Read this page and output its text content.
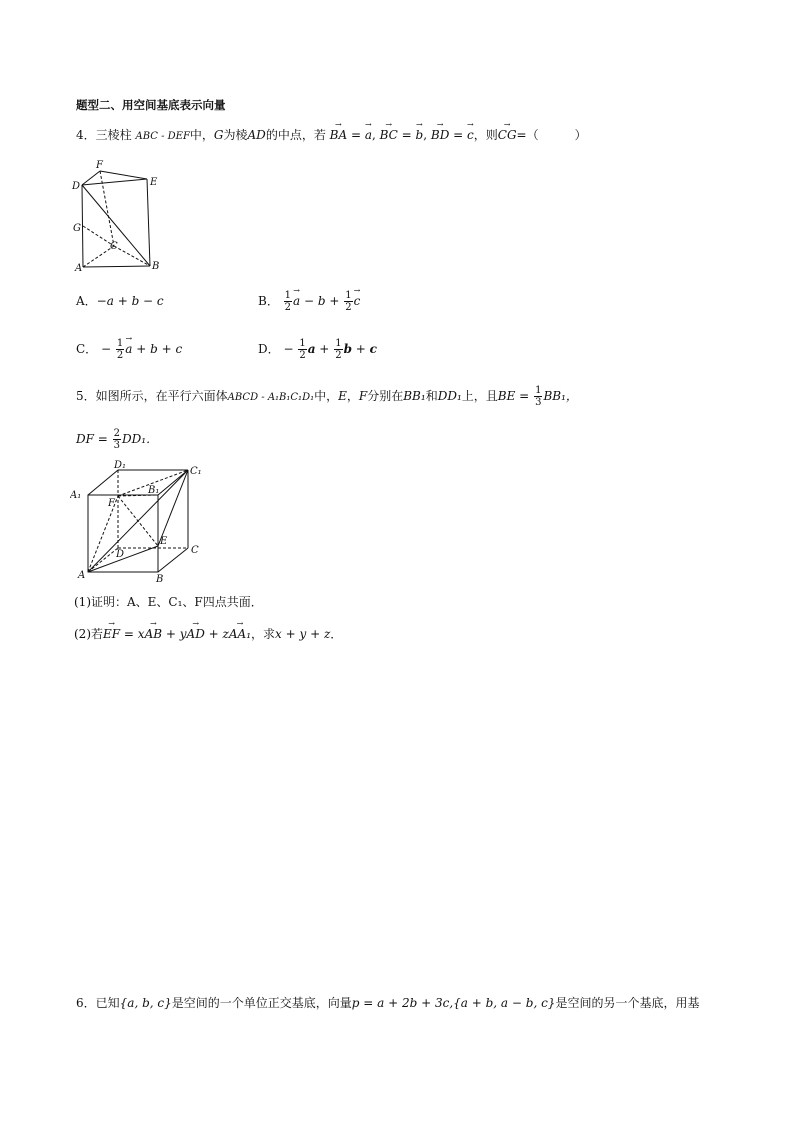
题型二、用空间基底表示向量
4．三棱柱 ABC - DEF中，G为棱AD的中点，若 → BA = → a, → BC = → b, → BD = → c，则→ CG=（　　　）
F
D	E
G
C
A	B
A．−a + b − c	B． $\frac{1}{2}$
→ $a - b + \frac{1}{2}$
→ c
C． − $\frac{1}{2}$
→ a + b + c	D． − $\frac{1}{2}$ $a + \frac{1}{2}$ b + c
5．如图所示，在平行六面体ABCD - A₁B₁C₁D₁中，E，F分别在BB₁和DD₁上，且BE = $\frac{1}{3} BB_1$，
DF = $\frac{2}{3} DD_1$．
D₁
C₁
A₁	B₁
F
D
E
C
A	B
(1)证明：A、E、C₁、F四点共面．
(2)若→ EF = x→ AB + y→ AD + z→ AA₁，求x + y + z．
6．已知{a, b, c}是空间的一个单位正交基底，向量p = a + 2b + 3c,{a + b, a − b, c}是空间的另一个基底，用基
